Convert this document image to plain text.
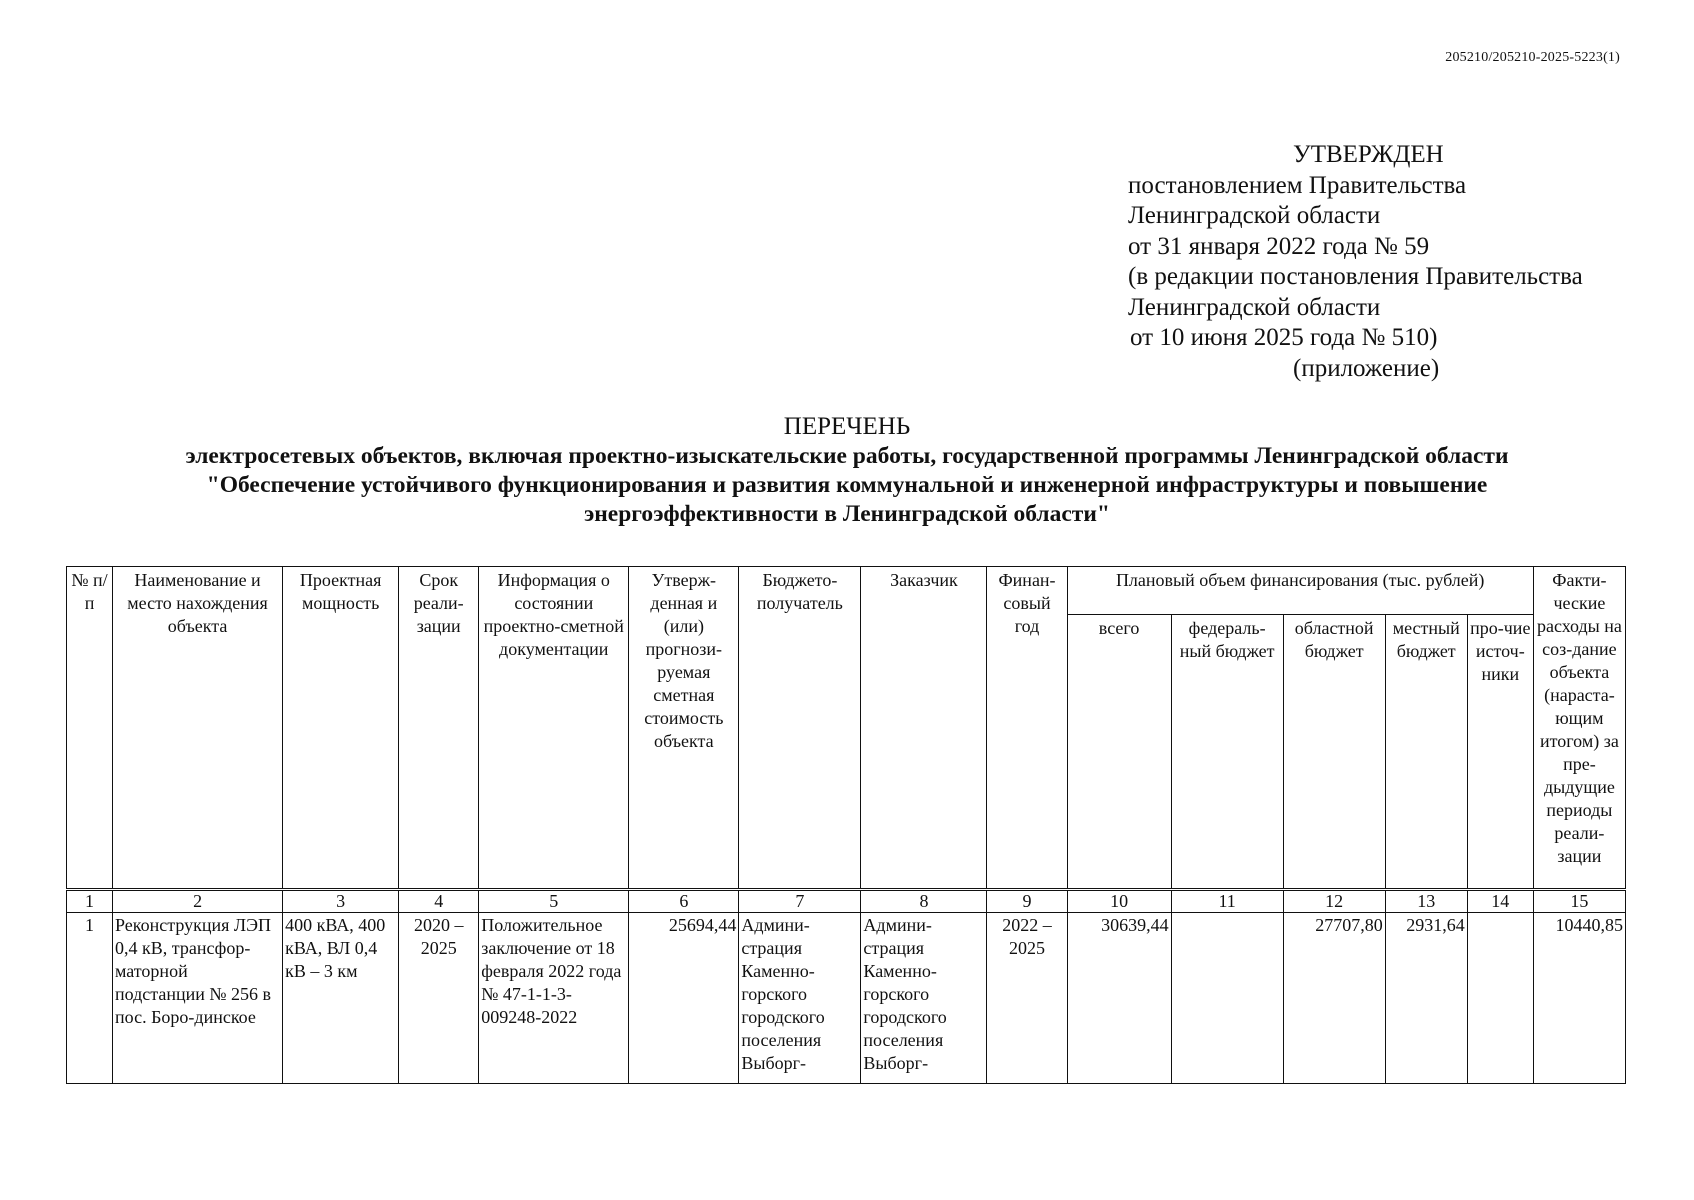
205210/205210-2025-5223(1)
УТВЕРЖДЕН
постановлением Правительства
Ленинградской области
от 31 января 2022 года № 59
(в редакции постановления Правительства
Ленинградской области
от 10 июня 2025 года № 510)
(приложение)
ПЕРЕЧЕНЬ
электросетевых объектов, включая проектно-изыскательские работы, государственной программы Ленинградской области
"Обеспечение устойчивого функционирования и развития коммунальной и инженерной инфраструктуры и повышение
энергоэффективности в Ленинградской области"
№ п/п	Наименование и место нахождения объекта	Проектная мощность	Срок реали-зации	Информация о состоянии проектно-сметной документации	Утверж-денная и (или) прогнози-руемая сметная стоимость объекта	Бюджето-получатель	Заказчик	Финан-совый год	Плановый объем финансирования (тыс. рублей)					Факти-ческие расходы на соз-дание объекта (нараста-ющим итогом) за пре-дыдущие периоды реали-зации
									всего	федераль-ный бюджет	областной бюджет	местный бюджет	про-чие источ-ники	
1	2	3	4	5	6	7	8	9	10	11	12	13	14	15
1	Реконструкция ЛЭП 0,4 кВ, трансфор-маторной подстанции № 256 в пос. Боро-динское	400 кВА, 400 кВА, ВЛ 0,4 кВ – 3 км	2020 – 2025	Положительное заключение от 18 февраля 2022 года № 47-1-1-3-009248-2022	25694,44	Админи-страция Каменно-горского городского поселения Выборг-	Админи-страция Каменно-горского городского поселения Выборг-	2022 – 2025	30639,44		27707,80	2931,64		10440,85
